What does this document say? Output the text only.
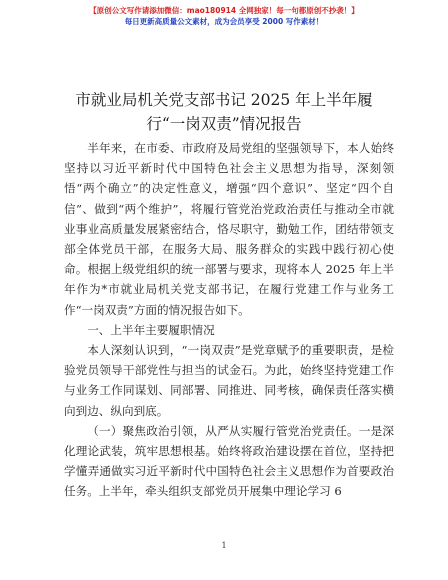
【原创公文写作请添加微信：mao180914 全网独家！每一句都原创不抄袭！】
每日更新高质量公文素材，成为会员享受 2000 写作素材！
市就业局机关党支部书记 2025 年上半年履
行“一岗双责”情况报告

半年来，在市委、市政府及局党组的坚强领导下，本人始终坚持以习近平新时代中国特色社会主义思想为指导，深刻领悟“两个确立”的决定性意义，增强“四个意识”、坚定“四个自信”、做到“两个维护”，将履行管党治党政治责任与推动全市就业事业高质量发展紧密结合，恪尽职守，勤勉工作，团结带领支部全体党员干部，在服务大局、服务群众的实践中践行初心使命。根据上级党组织的统一部署与要求，现将本人 2025 年上半年作为*市就业局机关党支部书记，在履行党建工作与业务工作“一岗双责”方面的情况报告如下。

一、上半年主要履职情况

本人深刻认识到，“一岗双责”是党章赋予的重要职责，是检验党员领导干部党性与担当的试金石。为此，始终坚持党建工作与业务工作同谋划、同部署、同推进、同考核，确保责任落实横向到边、纵向到底。

（一）聚焦政治引领，从严从实履行管党治党责任。一是深化理论武装，筑牢思想根基。始终将政治建设摆在首位，坚持把学懂弄通做实习近平新时代中国特色社会主义思想作为首要政治任务。上半年，牵头组织支部党员开展集中理论学习 6

1
